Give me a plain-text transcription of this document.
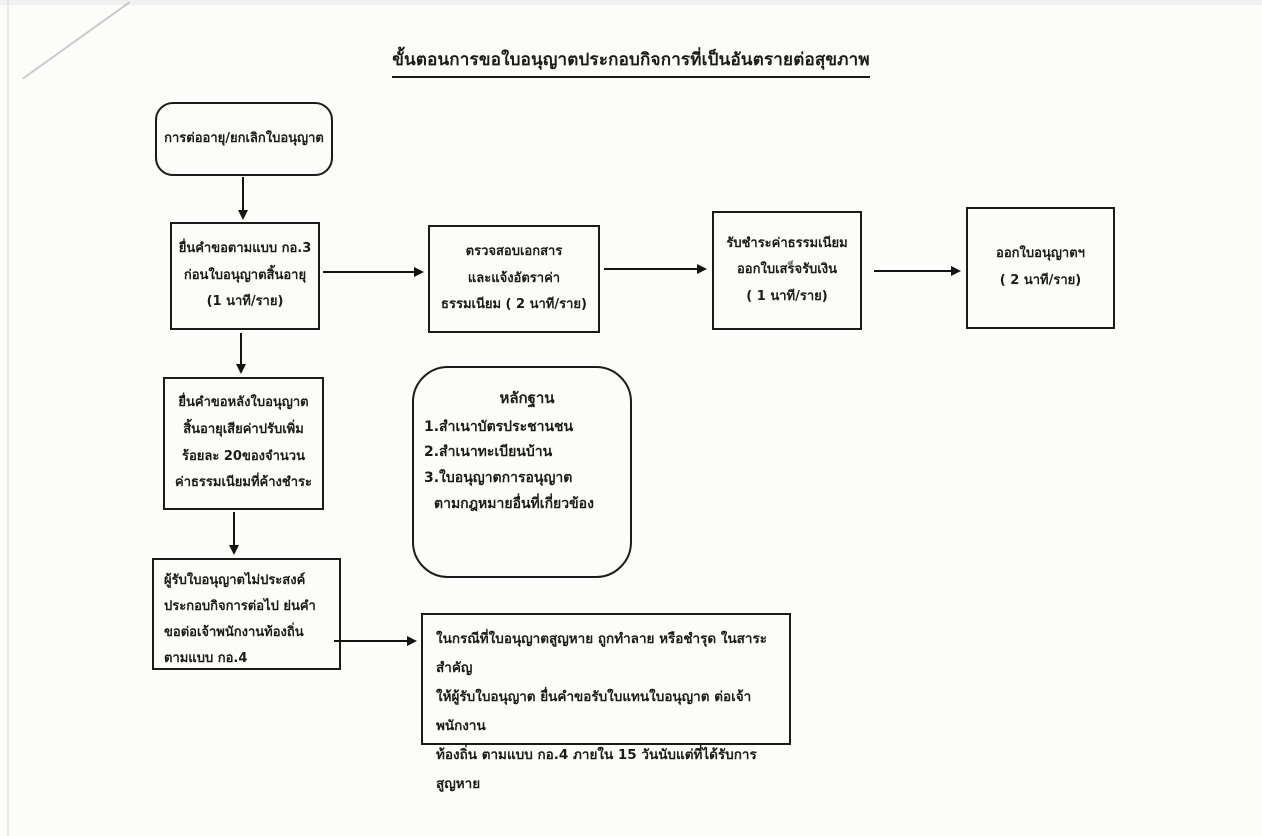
ขั้นตอนการขอใบอนุญาตประกอบกิจการที่เป็นอันตรายต่อสุขภาพ

การต่ออายุ/ยกเลิกใบอนุญาต

ยื่นคำขอตามแบบ กอ.3

ก่อนใบอนุญาตสิ้นอายุ

(1 นาที/ราย)

ตรวจสอบเอกสาร

และแจ้งอัตราค่า

ธรรมเนียม ( 2 นาที/ราย)

รับชำระค่าธรรมเนียม

ออกใบเสร็จรับเงิน

( 1 นาที/ราย)

ออกใบอนุญาตฯ

( 2 นาที/ราย)

ยื่นคำขอหลังใบอนุญาต

สิ้นอายุเสียค่าปรับเพิ่ม

ร้อยละ 20ของจำนวน

ค่าธรรมเนียมที่ค้างชำระ

หลักฐาน

1.สำเนาบัตรประชานชน

2.สำเนาทะเบียนบ้าน

3.ใบอนุญาตการอนุญาต

ตามกฎหมายอื่นที่เกี่ยวข้อง

ผู้รับใบอนุญาตไม่ประสงค์

ประกอบกิจการต่อไป ย่นคำ

ขอต่อเจ้าพนักงานท้องถิ่น

ตามแบบ กอ.4

ในกรณีที่ใบอนุญาตสูญหาย ถูกทำลาย หรือชำรุด ในสาระสำคัญ

ให้ผู้รับใบอนุญาต ยื่นคำขอรับใบแทนใบอนุญาต ต่อเจ้าพนักงาน

ท้องถิ่น ตามแบบ กอ.4 ภายใน 15 วันนับแต่ที่ได้รับการสูญหาย
